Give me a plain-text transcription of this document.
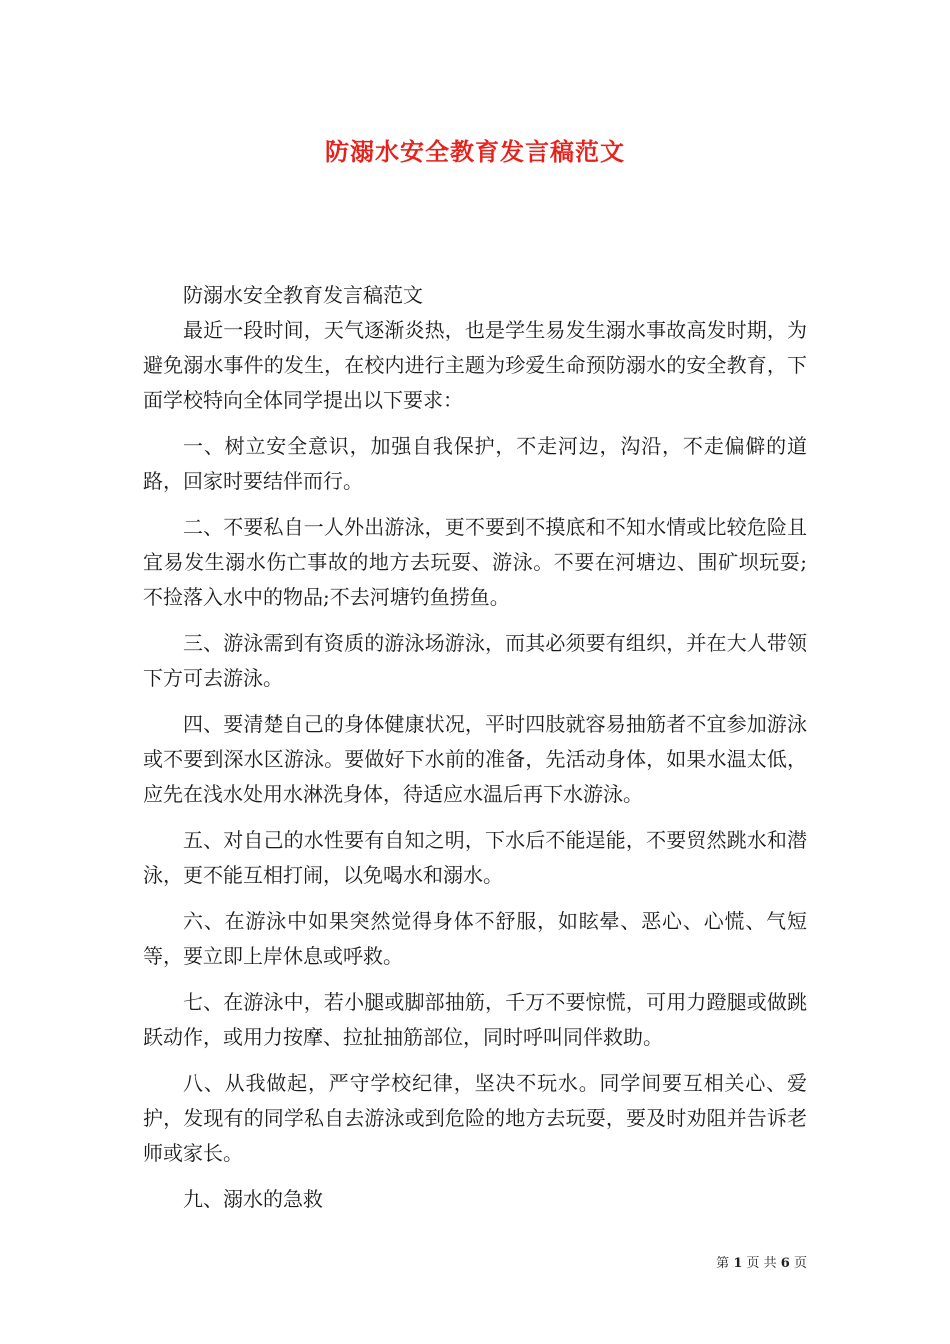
防溺水安全教育发言稿范文

防溺水安全教育发言稿范文

最近一段时间，天气逐渐炎热，也是学生易发生溺水事故高发时期，为避免溺水事件的发生，在校内进行主题为珍爱生命预防溺水的安全教育，下面学校特向全体同学提出以下要求：

一、树立安全意识，加强自我保护，不走河边，沟沿，不走偏僻的道路，回家时要结伴而行。

二、不要私自一人外出游泳，更不要到不摸底和不知水情或比较危险且宜易发生溺水伤亡事故的地方去玩耍、游泳。不要在河塘边、围矿坝玩耍;不捡落入水中的物品;不去河塘钓鱼捞鱼。

三、游泳需到有资质的游泳场游泳，而其必须要有组织，并在大人带领下方可去游泳。

四、要清楚自己的身体健康状况，平时四肢就容易抽筋者不宜参加游泳或不要到深水区游泳。要做好下水前的准备，先活动身体，如果水温太低，应先在浅水处用水淋洗身体，待适应水温后再下水游泳。

五、对自己的水性要有自知之明，下水后不能逞能，不要贸然跳水和潜泳，更不能互相打闹，以免喝水和溺水。

六、在游泳中如果突然觉得身体不舒服，如眩晕、恶心、心慌、气短等，要立即上岸休息或呼救。

七、在游泳中，若小腿或脚部抽筋，千万不要惊慌，可用力蹬腿或做跳跃动作，或用力按摩、拉扯抽筋部位，同时呼叫同伴救助。

八、从我做起，严守学校纪律，坚决不玩水。同学间要互相关心、爱护，发现有的同学私自去游泳或到危险的地方去玩耍，要及时劝阻并告诉老师或家长。

九、溺水的急救

第 1 页 共 6 页
